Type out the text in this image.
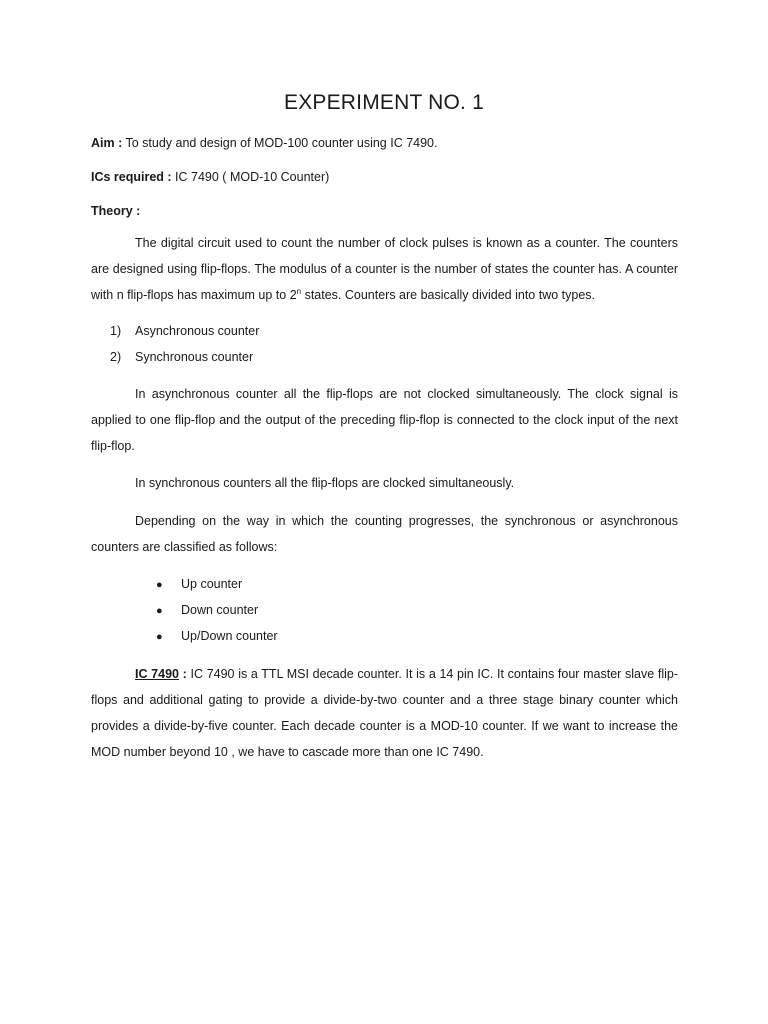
EXPERIMENT NO. 1
Aim : To study and design of MOD-100 counter using IC 7490.
ICs required : IC 7490 ( MOD-10 Counter)
Theory :

The digital circuit used to count the number of clock pulses is known as a counter. The counters are designed using flip-flops. The modulus of a counter is the number of states the counter has. A counter with n flip-flops has maximum up to 2$^n$ states. Counters are basically divided into two types.

1) Asynchronous counter
2) Synchronous counter

In asynchronous counter all the flip-flops are not clocked simultaneously. The clock signal is applied to one flip-flop and the output of the preceding flip-flop is connected to the clock input of the next flip-flop.

In synchronous counters all the flip-flops are clocked simultaneously.

Depending on the way in which the counting progresses, the synchronous or asynchronous counters are classified as follows:

● Up counter
● Down counter
● Up/Down counter

IC 7490 : IC 7490 is a TTL MSI decade counter. It is a 14 pin IC. It contains four master slave flip-flops and additional gating to provide a divide-by-two counter and a three stage binary counter which provides a divide-by-five counter. Each decade counter is a MOD-10 counter. If we want to increase the MOD number beyond 10 , we have to cascade more than one IC 7490.
